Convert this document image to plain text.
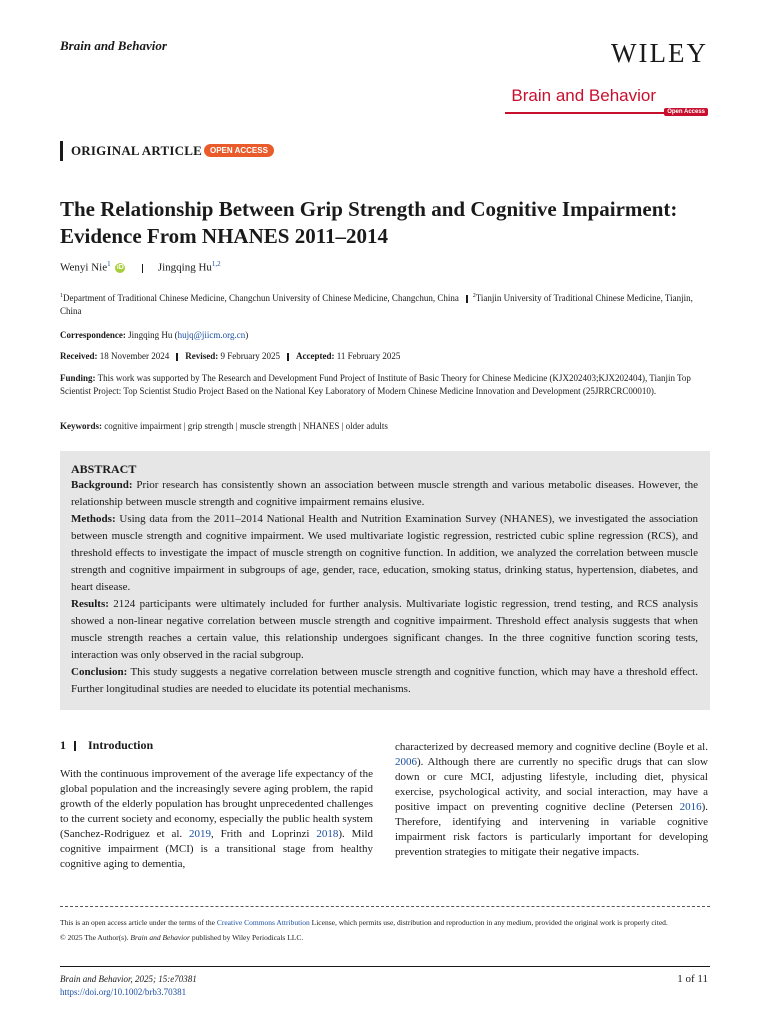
Brain and Behavior	WILEY
Brain and Behavior
Open Access
ORIGINAL ARTICLE	OPEN ACCESS
The Relationship Between Grip Strength and Cognitive Impairment: Evidence From NHANES 2011–2014
Wenyi Nie$^1$ iD	Jingqing Hu$^{1,2}$
$^1$Department of Traditional Chinese Medicine, Changchun University of Chinese Medicine, Changchun, China $^2$Tianjin University of Traditional Chinese Medicine, Tianjin, China
Correspondence: Jingqing Hu (hujq@jiicm.org.cn)
Received: 18 November 2024 Revised: 9 February 2025 Accepted: 11 February 2025
Funding: This work was supported by The Research and Development Fund Project of Institute of Basic Theory for Chinese Medicine (KJX202403;KJX202404), Tianjin Top Scientist Project: Top Scientist Studio Project Based on the National Key Laboratory of Modern Chinese Medicine Innovation and Development (25JRRCRC00010).
Keywords: cognitive impairment | grip strength | muscle strength | NHANES | older adults
ABSTRACT

Background: Prior research has consistently shown an association between muscle strength and various metabolic diseases. However, the relationship between muscle strength and cognitive impairment remains elusive.

Methods: Using data from the 2011–2014 National Health and Nutrition Examination Survey (NHANES), we investigated the association between muscle strength and cognitive impairment. We used multivariate logistic regression, restricted cubic spline regression (RCS), and threshold effects to investigate the impact of muscle strength on cognitive function. In addition, we analyzed the correlation between muscle strength and cognitive impairment in subgroups of age, gender, race, education, smoking status, drinking status, hypertension, diabetes, and heart disease.

Results: 2124 participants were ultimately included for further analysis. Multivariate logistic regression, trend testing, and RCS analysis showed a non-linear negative correlation between muscle strength and cognitive impairment. Threshold effect analysis suggests that when muscle strength reaches a certain value, this relationship undergoes significant changes. In the three cognitive function scoring tests, interaction was only observed in the racial subgroup.

Conclusion: This study suggests a negative correlation between muscle strength and cognitive function, which may have a threshold effect. Further longitudinal studies are needed to elucidate its potential mechanisms.

1 Introduction

With the continuous improvement of the average life expectancy of the global population and the increasingly severe aging problem, the rapid growth of the elderly population has brought unprecedented challenges to the current society and economy, especially the public health system (Sanchez-Rodriguez et al. 2019, Frith and Loprinzi 2018). Mild cognitive impairment (MCI) is a transitional stage from healthy cognitive aging to dementia,

characterized by decreased memory and cognitive decline (Boyle et al. 2006). Although there are currently no specific drugs that can slow down or cure MCI, adjusting lifestyle, including diet, physical exercise, psychological activity, and social interaction, may have a positive impact on preventing cognitive decline (Petersen 2016). Therefore, identifying and intervening in variable cognitive impairment risk factors is particularly important for developing prevention strategies to mitigate their negative impacts.

This is an open access article under the terms of the Creative Commons Attribution License, which permits use, distribution and reproduction in any medium, provided the original work is properly cited.
© 2025 The Author(s). Brain and Behavior published by Wiley Periodicals LLC.
Brain and Behavior, 2025; 15:e70381
https://doi.org/10.1002/brb3.70381
1 of 11
